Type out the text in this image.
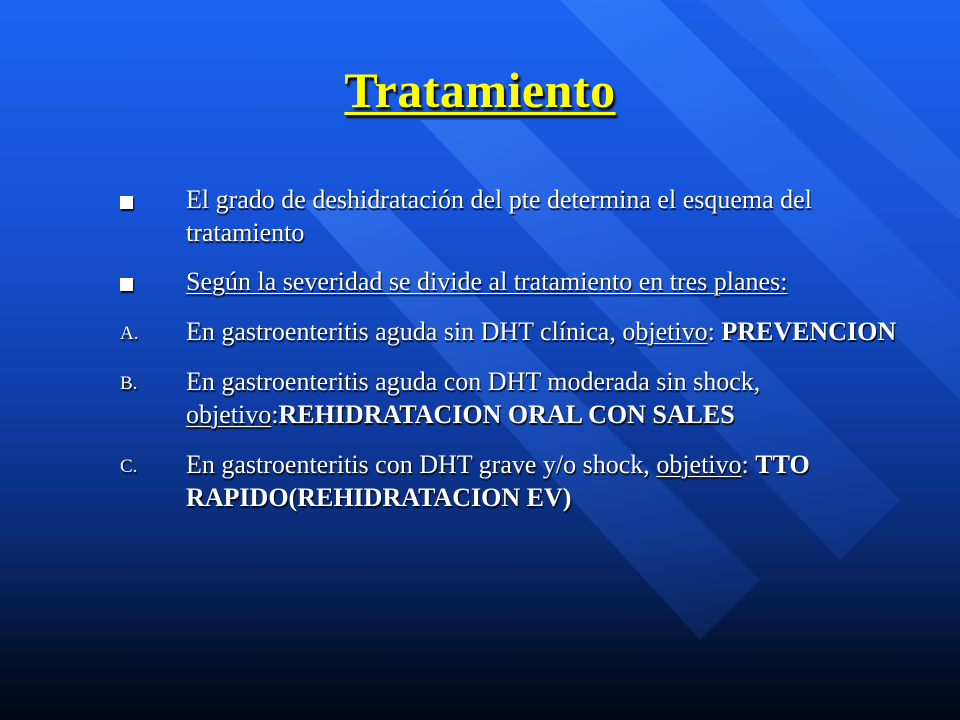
Tratamiento
El grado de deshidratación del pte determina el esquema del tratamiento
Según la severidad se divide al tratamiento en tres planes:
A. En gastroenteritis aguda sin DHT clínica, objetivo: PREVENCION
B. En gastroenteritis aguda con DHT moderada sin shock, objetivo:REHIDRATACION ORAL CON SALES
C. En gastroenteritis con DHT grave y/o shock, objetivo: TTO RAPIDO(REHIDRATACION EV)
